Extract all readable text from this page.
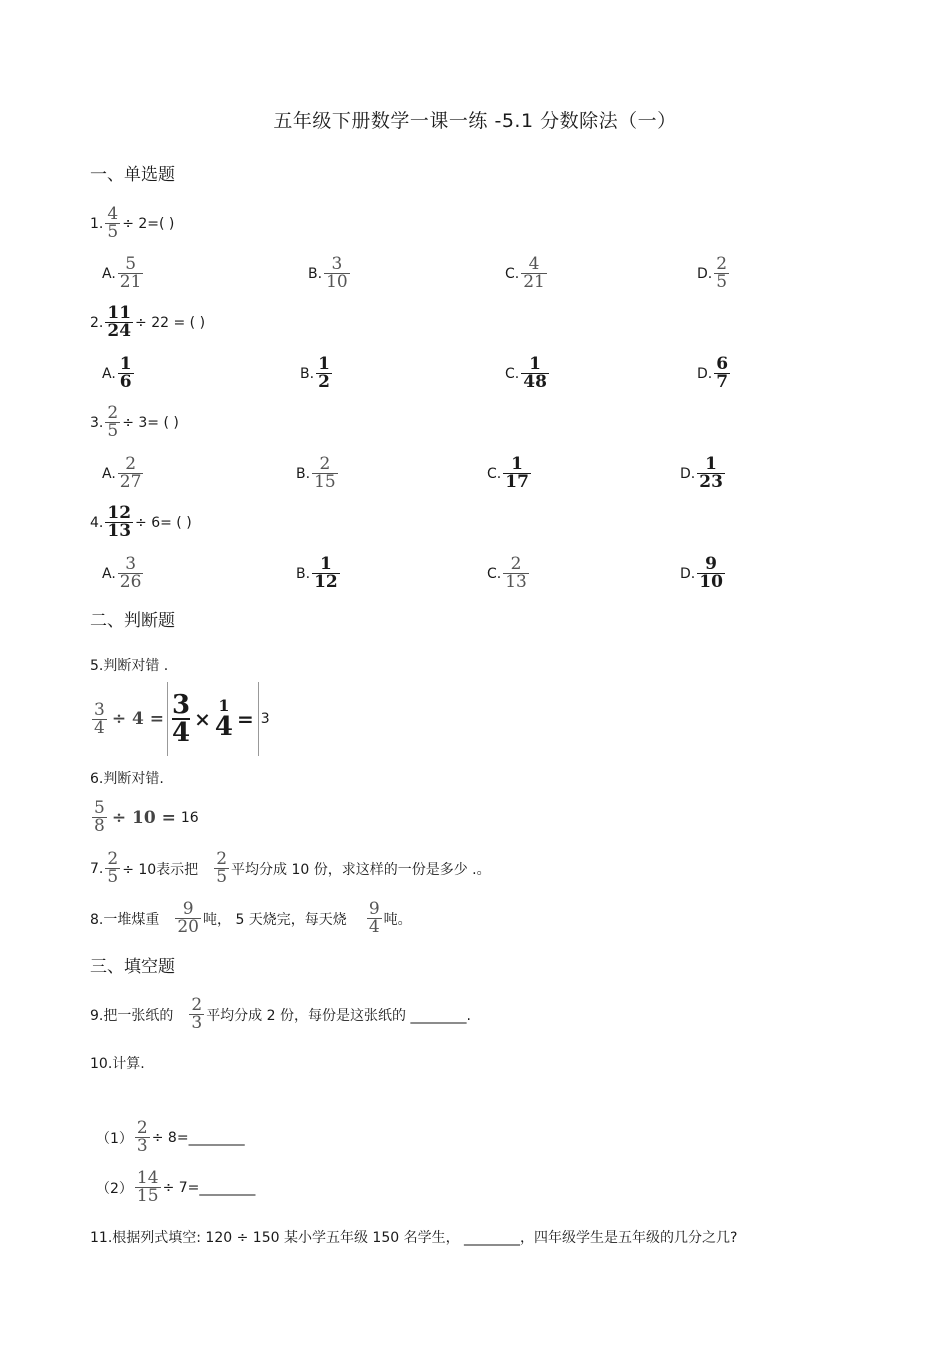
五年级下册数学一课一练 -5.1 分数除法（一）
一、单选题
1. $\frac{4}{5} \div 2=$( )
A. $\frac{5}{21}$	B. $\frac{3}{10}$	C. $\frac{4}{21}$	D. $\frac{2}{5}$
2. $\frac{11}{24} \div 22$ = ( )
A. $\frac{1}{6}$	B. $\frac{1}{2}$	C. $\frac{1}{48}$	D. $\frac{6}{7}$
3. $\frac{2}{5} \div 3=$ ( )
A. $\frac{2}{27}$	B. $\frac{2}{15}$	C. $\frac{1}{17}$	D. $\frac{1}{23}$
4. $\frac{12}{13} \div 6=$ ( )
A. $\frac{3}{26}$	B. $\frac{1}{12}$	C. $\frac{2}{13}$	D. $\frac{9}{10}$
二、判断题
5.判断对错 .
$\frac{3}{4} \div 4 = \frac{3}{4}$ ×
1
4 = 3
6.判断对错.
$\frac{5}{8} \div 10 = 16$
7. $\frac{2}{5} \div 10$表示把 $\frac{2}{5}$ 平均分成 10 份，求这样的一份是多少 .。
8.一堆煤重 $\frac{9}{20}$ 吨， 5 天烧完，每天烧 $\frac{9}{4}$ 吨。
三、填空题
9.把一张纸的 $\frac{2}{3}$ 平均分成 2 份，每份是这张纸的 ________.
10.计算.
$(1) \frac{2}{3}$ ÷ 8=________
$(2) \frac{14}{15}$ ÷ 7=________
11.根据列式填空: 120 ÷ 150 某小学五年级 150 名学生， ________，四年级学生是五年级的几分之几?
